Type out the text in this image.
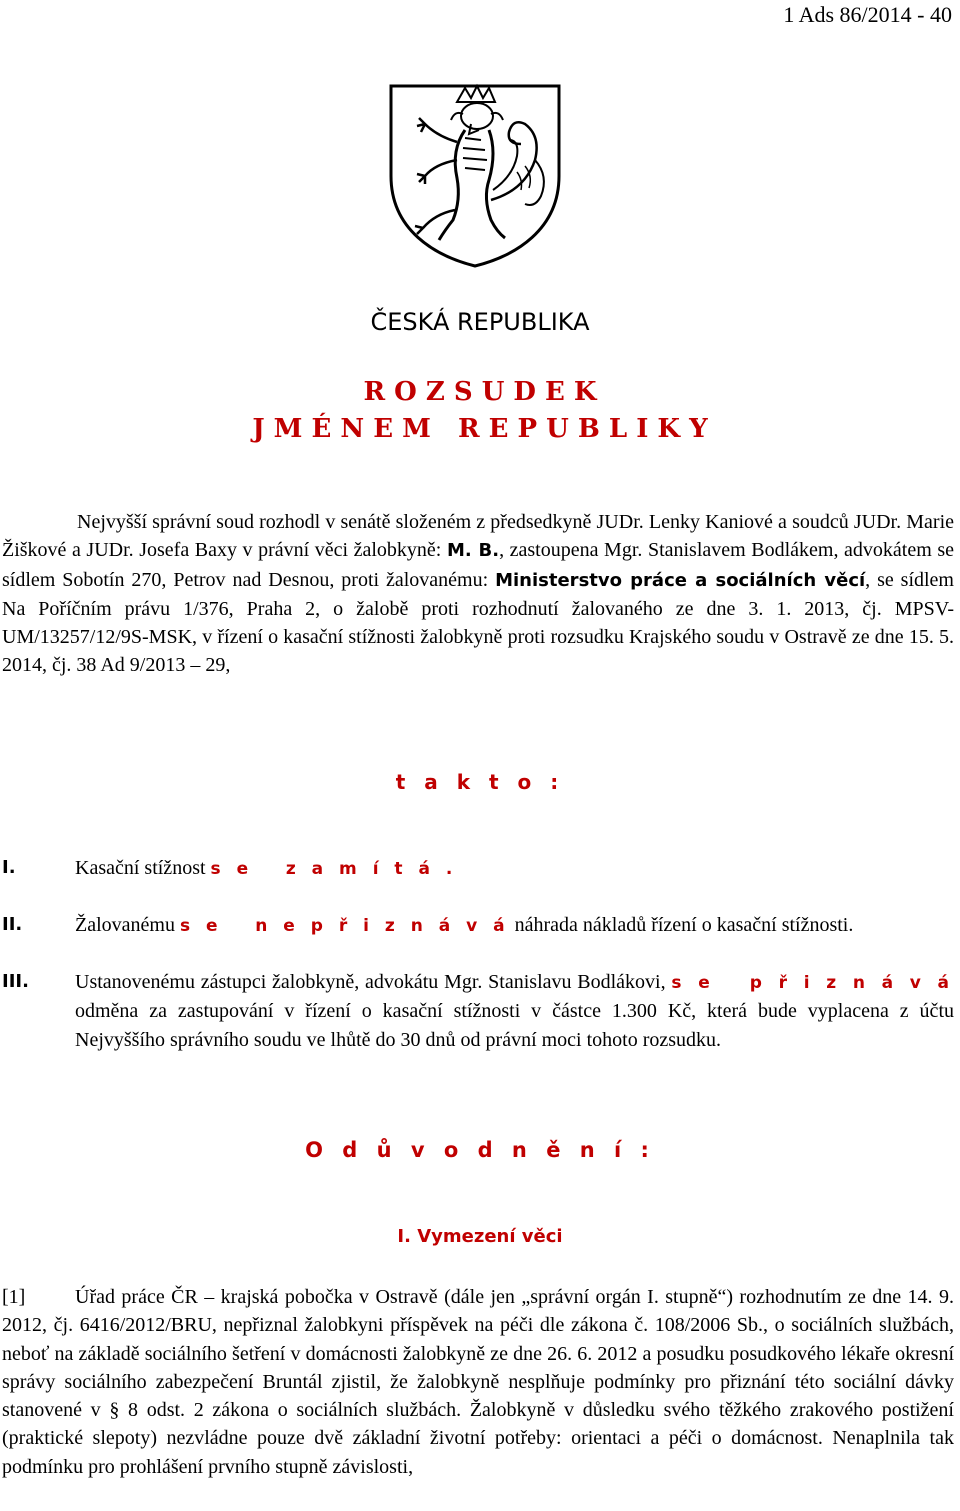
1 Ads 86/2014 - 40
ČESKÁ REPUBLIKA
R O Z S U D E K
J M É N E M   R E P U B L I K Y
Nejvyšší správní soud rozhodl v senátě složeném z předsedkyně JUDr. Lenky Kaniové a soudců JUDr. Marie Žiškové a JUDr. Josefa Baxy v právní věci žalobkyně: M. B., zastoupena Mgr. Stanislavem Bodlákem, advokátem se sídlem Sobotín 270, Petrov nad Desnou, proti žalovanému: Ministerstvo práce a sociálních věcí, se sídlem Na Poříčním právu 1/376, Praha 2, o žalobě proti rozhodnutí žalovaného ze dne 3. 1. 2013, čj. MPSV-UM/13257/12/9S-MSK, v řízení o kasační stížnosti žalobkyně proti rozsudku Krajského soudu v Ostravě ze dne 15. 5. 2014, čj. 38 Ad 9/2013 – 29,
t a k t o :
I.	Kasační stížnost s e   z a m í t á .
II.	Žalovanému s e   n e p ř i z n á v á náhrada nákladů řízení o kasační stížnosti.
III. Ustanovenému zástupci žalobkyně, advokátu Mgr. Stanislavu Bodlákovi, s e   p ř i z n á v á odměna za zastupování v řízení o kasační stížnosti v částce 1.300 Kč, která bude vyplacena z účtu Nejvyššího správního soudu ve lhůtě do 30 dnů od právní moci tohoto rozsudku.
O d ů v o d n ě n í :
I. Vymezení věci
[1] Úřad práce ČR – krajská pobočka v Ostravě (dále jen „správní orgán I. stupně“) rozhodnutím ze dne 14. 9. 2012, čj. 6416/2012/BRU, nepřiznal žalobkyni příspěvek na péči dle zákona č. 108/2006 Sb., o sociálních službách, neboť na základě sociálního šetření v domácnosti žalobkyně ze dne 26. 6. 2012 a posudku posudkového lékaře okresní správy sociálního zabezpečení Bruntál zjistil, že žalobkyně nesplňuje podmínky pro přiznání této sociální dávky stanovené v § 8 odst. 2 zákona o sociálních službách. Žalobkyně v důsledku svého těžkého zrakového postižení (praktické slepoty) nezvládne pouze dvě základní životní potřeby: orientaci a péči o domácnost. Nenaplnila tak podmínku pro prohlášení prvního stupně závislosti,
